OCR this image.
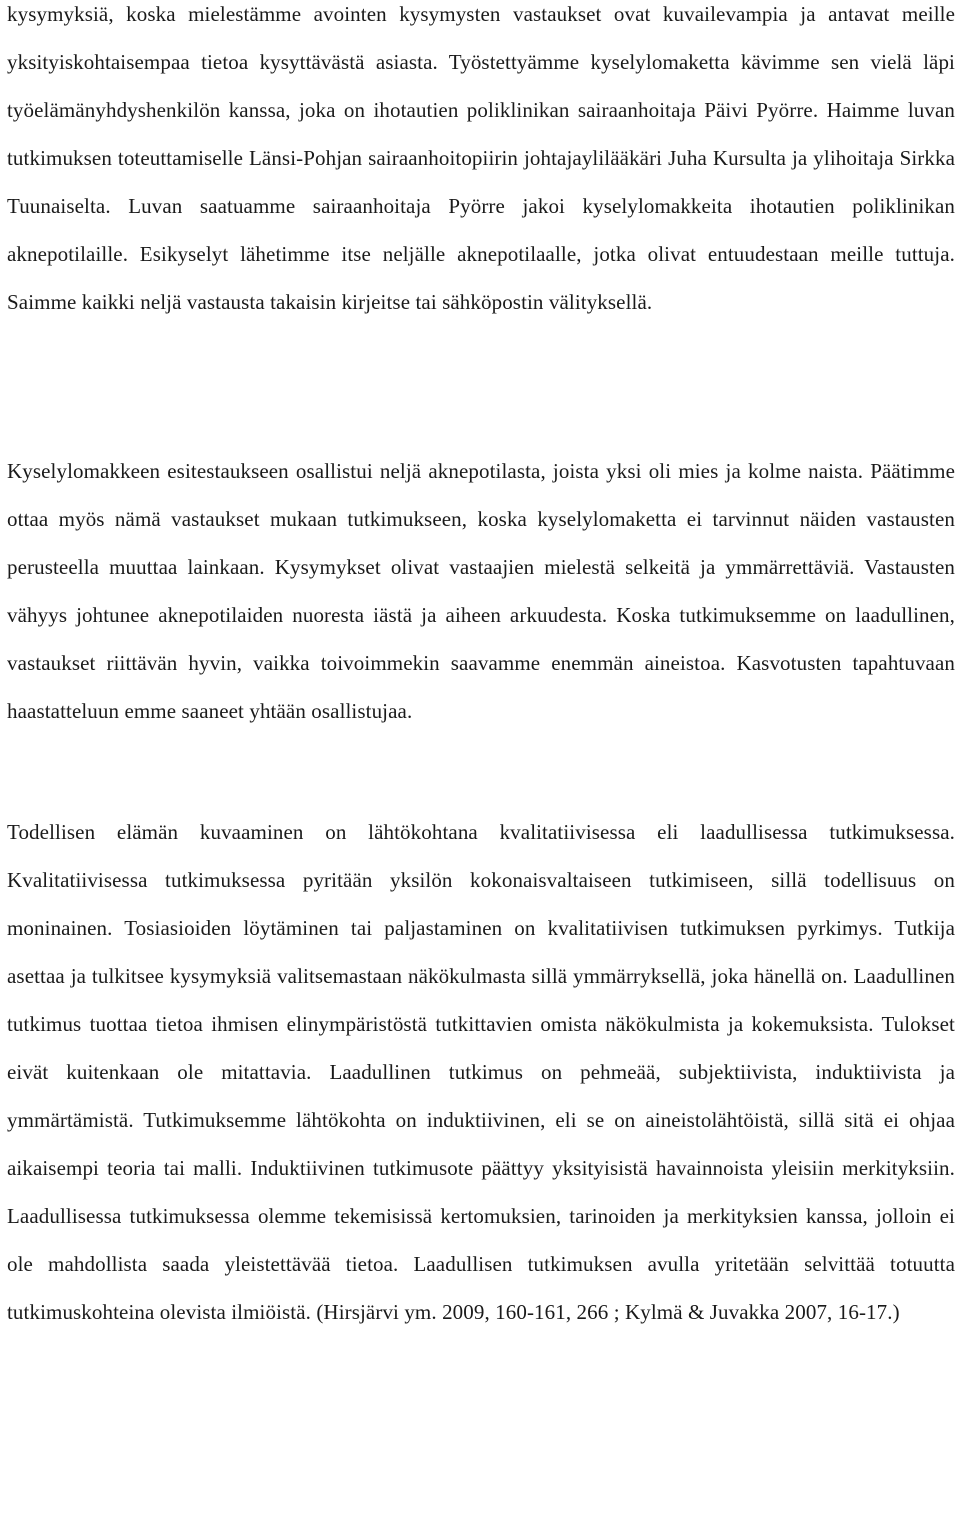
kysymyksiä, koska mielestämme avointen kysymysten vastaukset ovat kuvailevampia ja antavat meille yksityiskohtaisempaa tietoa kysyttävästä asiasta. Työstettyämme kyselylomaketta kävimme sen vielä läpi työelämänyhdyshenkilön kanssa, joka on ihotautien poliklinikan sairaanhoitaja Päivi Pyörre. Haimme luvan tutkimuksen toteuttamiselle Länsi-Pohjan sairaanhoitopiirin johtajaylilääkäri Juha Kursulta ja ylihoitaja Sirkka Tuunaiselta. Luvan saatuamme sairaanhoitaja Pyörre jakoi kyselylomakkeita ihotautien poliklinikan aknepotilaille. Esikyselyt lähetimme itse neljälle aknepotilaalle, jotka olivat entuudestaan meille tuttuja. Saimme kaikki neljä vastausta takaisin kirjeitse tai sähköpostin välityksellä.

Kyselylomakkeen esitestaukseen osallistui neljä aknepotilasta, joista yksi oli mies ja kolme naista. Päätimme ottaa myös nämä vastaukset mukaan tutkimukseen, koska kyselylomaketta ei tarvinnut näiden vastausten perusteella muuttaa lainkaan. Kysymykset olivat vastaajien mielestä selkeitä ja ymmärrettäviä. Vastausten vähyys johtunee aknepotilaiden nuoresta iästä ja aiheen arkuudesta. Koska tutkimuksemme on laadullinen, vastaukset riittävän hyvin, vaikka toivoimmekin saavamme enemmän aineistoa. Kasvotusten tapahtuvaan haastatteluun emme saaneet yhtään osallistujaa.

Todellisen elämän kuvaaminen on lähtökohtana kvalitatiivisessa eli laadullisessa tutkimuksessa. Kvalitatiivisessa tutkimuksessa pyritään yksilön kokonaisvaltaiseen tutkimiseen, sillä todellisuus on moninainen. Tosiasioiden löytäminen tai paljastaminen on kvalitatiivisen tutkimuksen pyrkimys. Tutkija asettaa ja tulkitsee kysymyksiä valitsemastaan näkökulmasta sillä ymmärryksellä, joka hänellä on. Laadullinen tutkimus tuottaa tietoa ihmisen elinympäristöstä tutkittavien omista näkökulmista ja kokemuksista. Tulokset eivät kuitenkaan ole mitattavia. Laadullinen tutkimus on pehmeää, subjektiivista, induktiivista ja ymmärtämistä. Tutkimuksemme lähtökohta on induktiivinen, eli se on aineistolähtöistä, sillä sitä ei ohjaa aikaisempi teoria tai malli. Induktiivinen tutkimusote päättyy yksityisistä havainnoista yleisiin merkityksiin. Laadullisessa tutkimuksessa olemme tekemisissä kertomuksien, tarinoiden ja merkityksien kanssa, jolloin ei ole mahdollista saada yleistettävää tietoa. Laadullisen tutkimuksen avulla yritetään selvittää totuutta tutkimuskohteina olevista ilmiöistä. (Hirsjärvi ym. 2009, 160-161, 266 ; Kylmä & Juvakka 2007, 16-17.)
